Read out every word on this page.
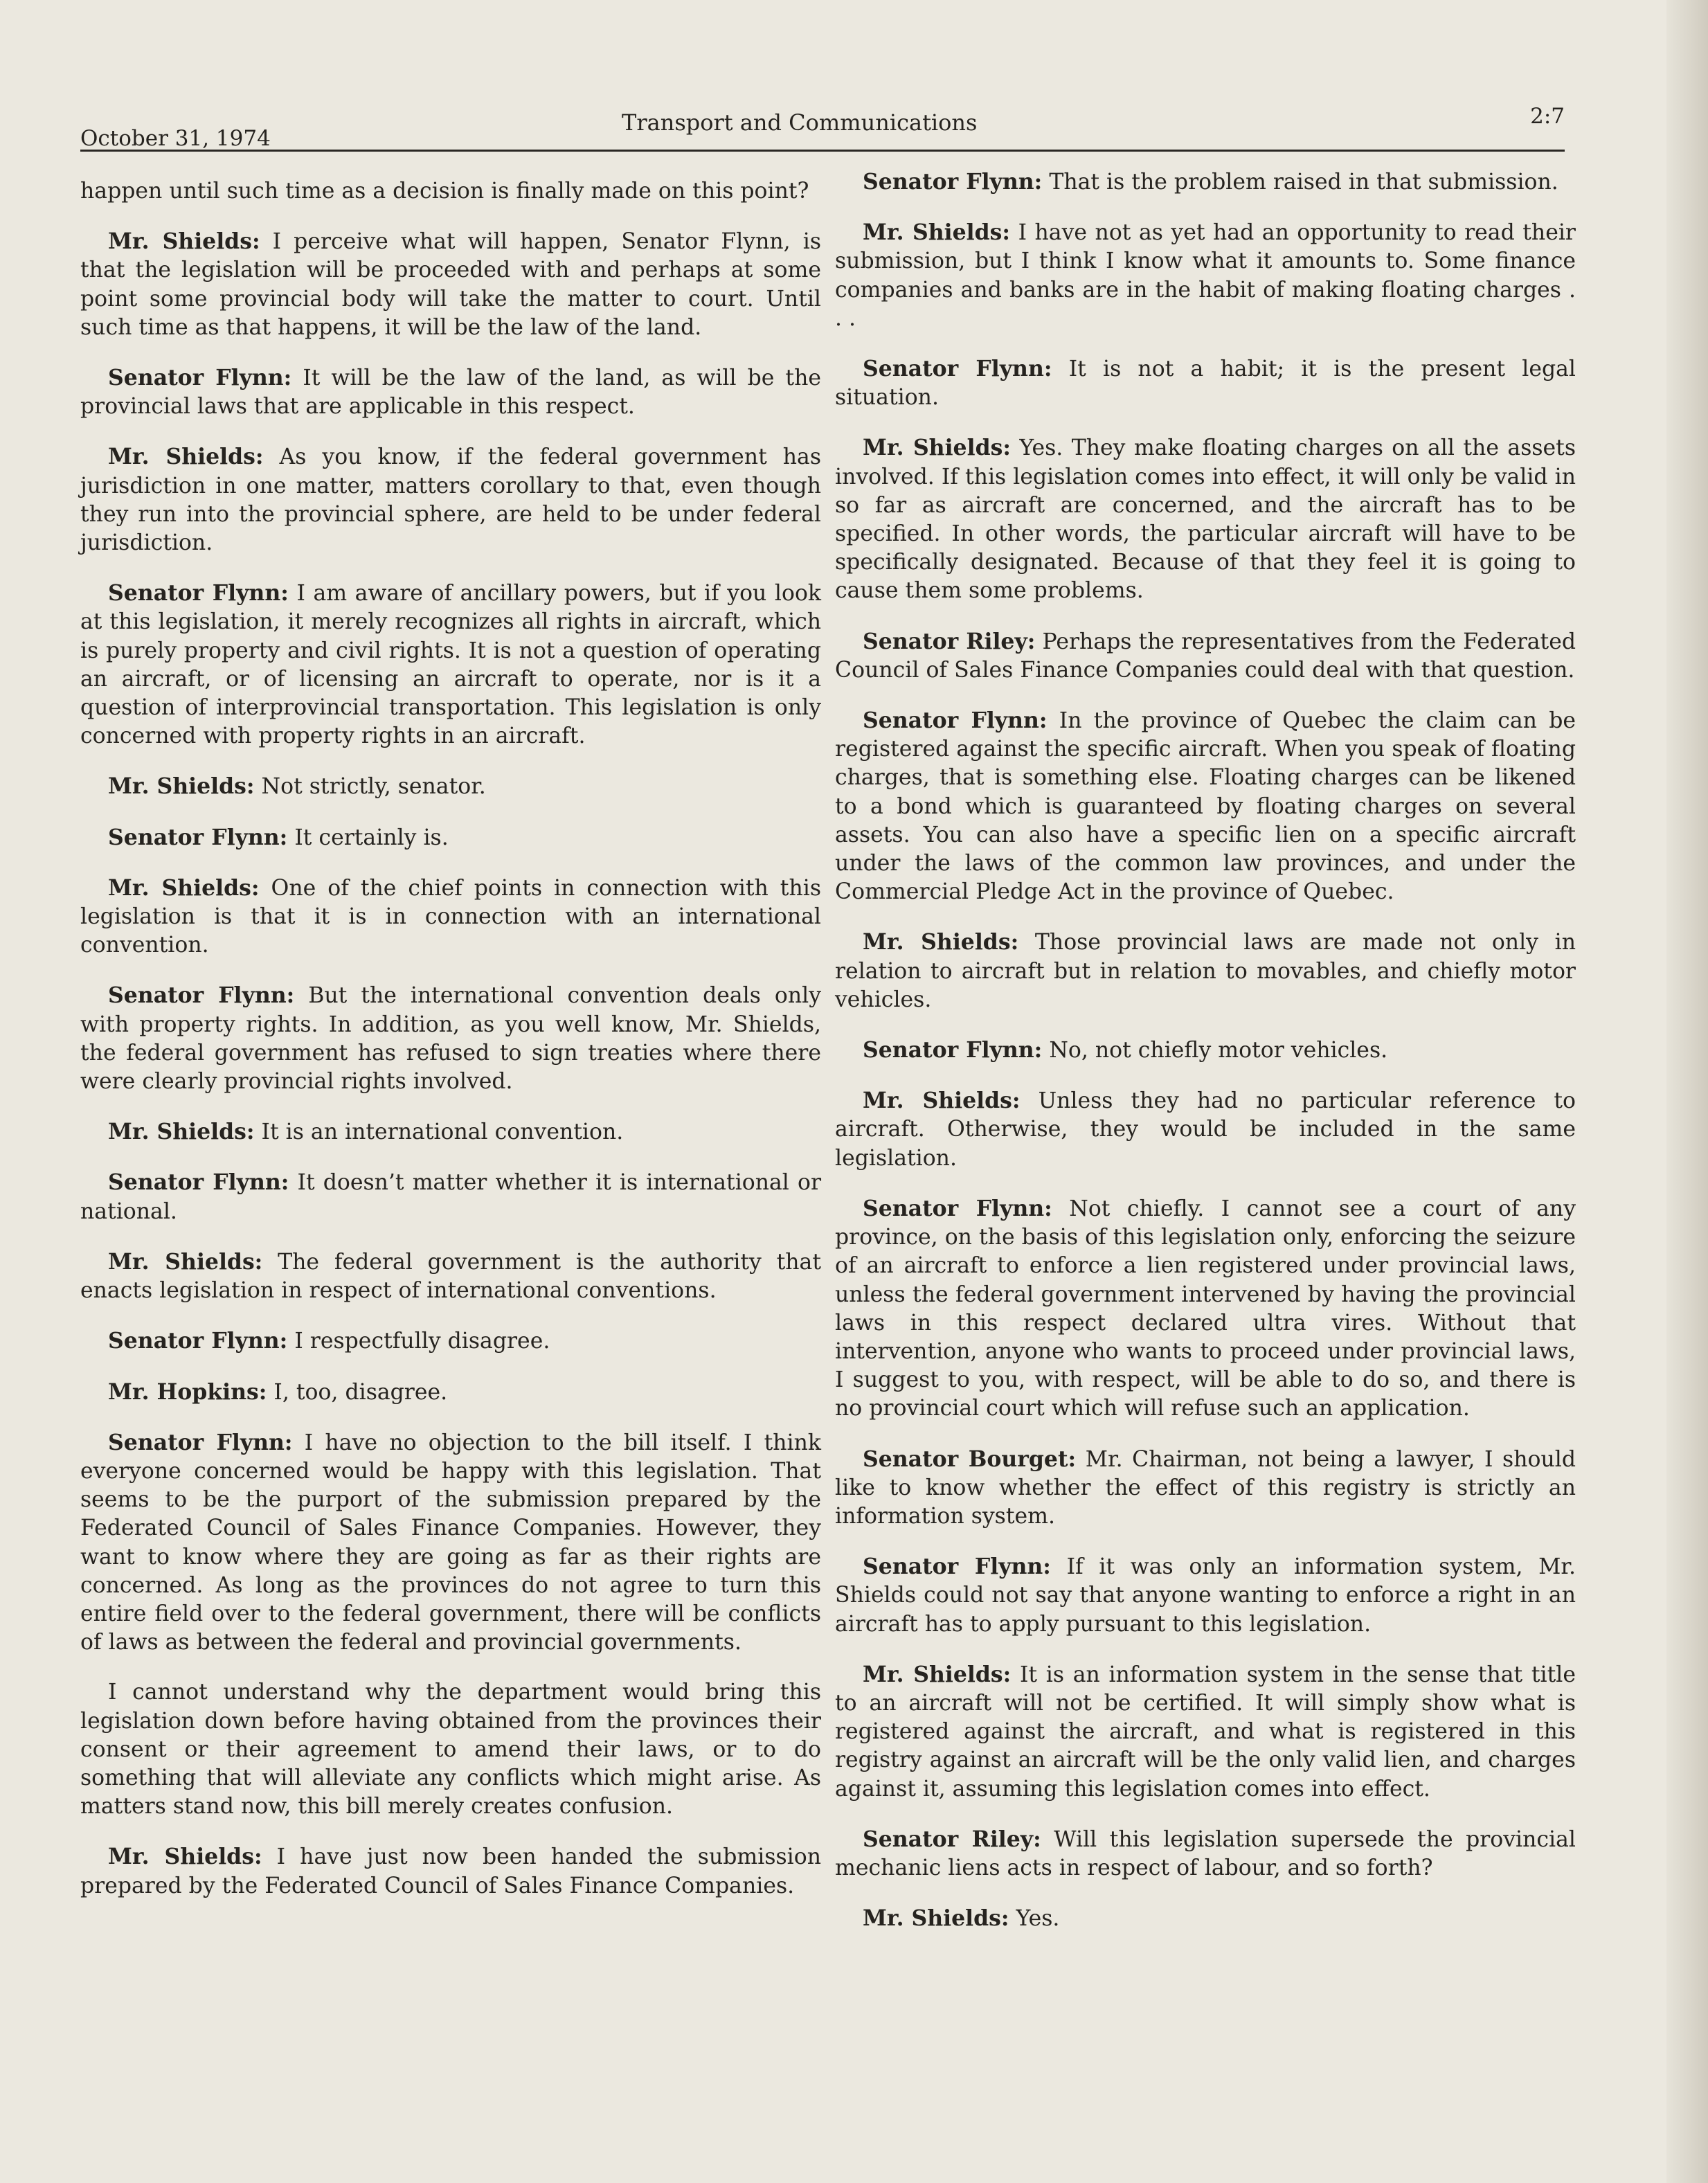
October 31, 1974
Transport and Communications	2:7

happen until such time as a decision is finally made on this point?

Mr. Shields: I perceive what will happen, Senator Flynn, is that the legislation will be proceeded with and perhaps at some point some provincial body will take the matter to court. Until such time as that happens, it will be the law of the land.

Senator Flynn: It will be the law of the land, as will be the provincial laws that are applicable in this respect.

Mr. Shields: As you know, if the federal government has jurisdiction in one matter, matters corollary to that, even though they run into the provincial sphere, are held to be under federal jurisdiction.

Senator Flynn: I am aware of ancillary powers, but if you look at this legislation, it merely recognizes all rights in aircraft, which is purely property and civil rights. It is not a question of operating an aircraft, or of licensing an aircraft to operate, nor is it a question of interprovincial transportation. This legislation is only concerned with property rights in an aircraft.

Mr. Shields: Not strictly, senator.

Senator Flynn: It certainly is.

Mr. Shields: One of the chief points in connection with this legislation is that it is in connection with an international convention.

Senator Flynn: But the international convention deals only with property rights. In addition, as you well know, Mr. Shields, the federal government has refused to sign treaties where there were clearly provincial rights involved.

Mr. Shields: It is an international convention.

Senator Flynn: It doesn’t matter whether it is international or national.

Mr. Shields: The federal government is the authority that enacts legislation in respect of international conventions.

Senator Flynn: I respectfully disagree.

Mr. Hopkins: I, too, disagree.

Senator Flynn: I have no objection to the bill itself. I think everyone concerned would be happy with this legislation. That seems to be the purport of the submission prepared by the Federated Council of Sales Finance Companies. However, they want to know where they are going as far as their rights are concerned. As long as the provinces do not agree to turn this entire field over to the federal government, there will be conflicts of laws as between the federal and provincial governments.

I cannot understand why the department would bring this legislation down before having obtained from the provinces their consent or their agreement to amend their laws, or to do something that will alleviate any conflicts which might arise. As matters stand now, this bill merely creates confusion.

Mr. Shields: I have just now been handed the submission prepared by the Federated Council of Sales Finance Companies.

Senator Flynn: That is the problem raised in that submission.

Mr. Shields: I have not as yet had an opportunity to read their submission, but I think I know what it amounts to. Some finance companies and banks are in the habit of making floating charges . . .

Senator Flynn: It is not a habit; it is the present legal situation.

Mr. Shields: Yes. They make floating charges on all the assets involved. If this legislation comes into effect, it will only be valid in so far as aircraft are concerned, and the aircraft has to be specified. In other words, the particular aircraft will have to be specifically designated. Because of that they feel it is going to cause them some problems.

Senator Riley: Perhaps the representatives from the Federated Council of Sales Finance Companies could deal with that question.

Senator Flynn: In the province of Quebec the claim can be registered against the specific aircraft. When you speak of floating charges, that is something else. Floating charges can be likened to a bond which is guaranteed by floating charges on several assets. You can also have a specific lien on a specific aircraft under the laws of the common law provinces, and under the Commercial Pledge Act in the province of Quebec.

Mr. Shields: Those provincial laws are made not only in relation to aircraft but in relation to movables, and chiefly motor vehicles.

Senator Flynn: No, not chiefly motor vehicles.

Mr. Shields: Unless they had no particular reference to aircraft. Otherwise, they would be included in the same legislation.

Senator Flynn: Not chiefly. I cannot see a court of any province, on the basis of this legislation only, enforcing the seizure of an aircraft to enforce a lien registered under provincial laws, unless the federal government intervened by having the provincial laws in this respect declared ultra vires. Without that intervention, anyone who wants to proceed under provincial laws, I suggest to you, with respect, will be able to do so, and there is no provincial court which will refuse such an application.

Senator Bourget: Mr. Chairman, not being a lawyer, I should like to know whether the effect of this registry is strictly an information system.

Senator Flynn: If it was only an information system, Mr. Shields could not say that anyone wanting to enforce a right in an aircraft has to apply pursuant to this legislation.

Mr. Shields: It is an information system in the sense that title to an aircraft will not be certified. It will simply show what is registered against the aircraft, and what is registered in this registry against an aircraft will be the only valid lien, and charges against it, assuming this legislation comes into effect.

Senator Riley: Will this legislation supersede the provincial mechanic liens acts in respect of labour, and so forth?

Mr. Shields: Yes.
